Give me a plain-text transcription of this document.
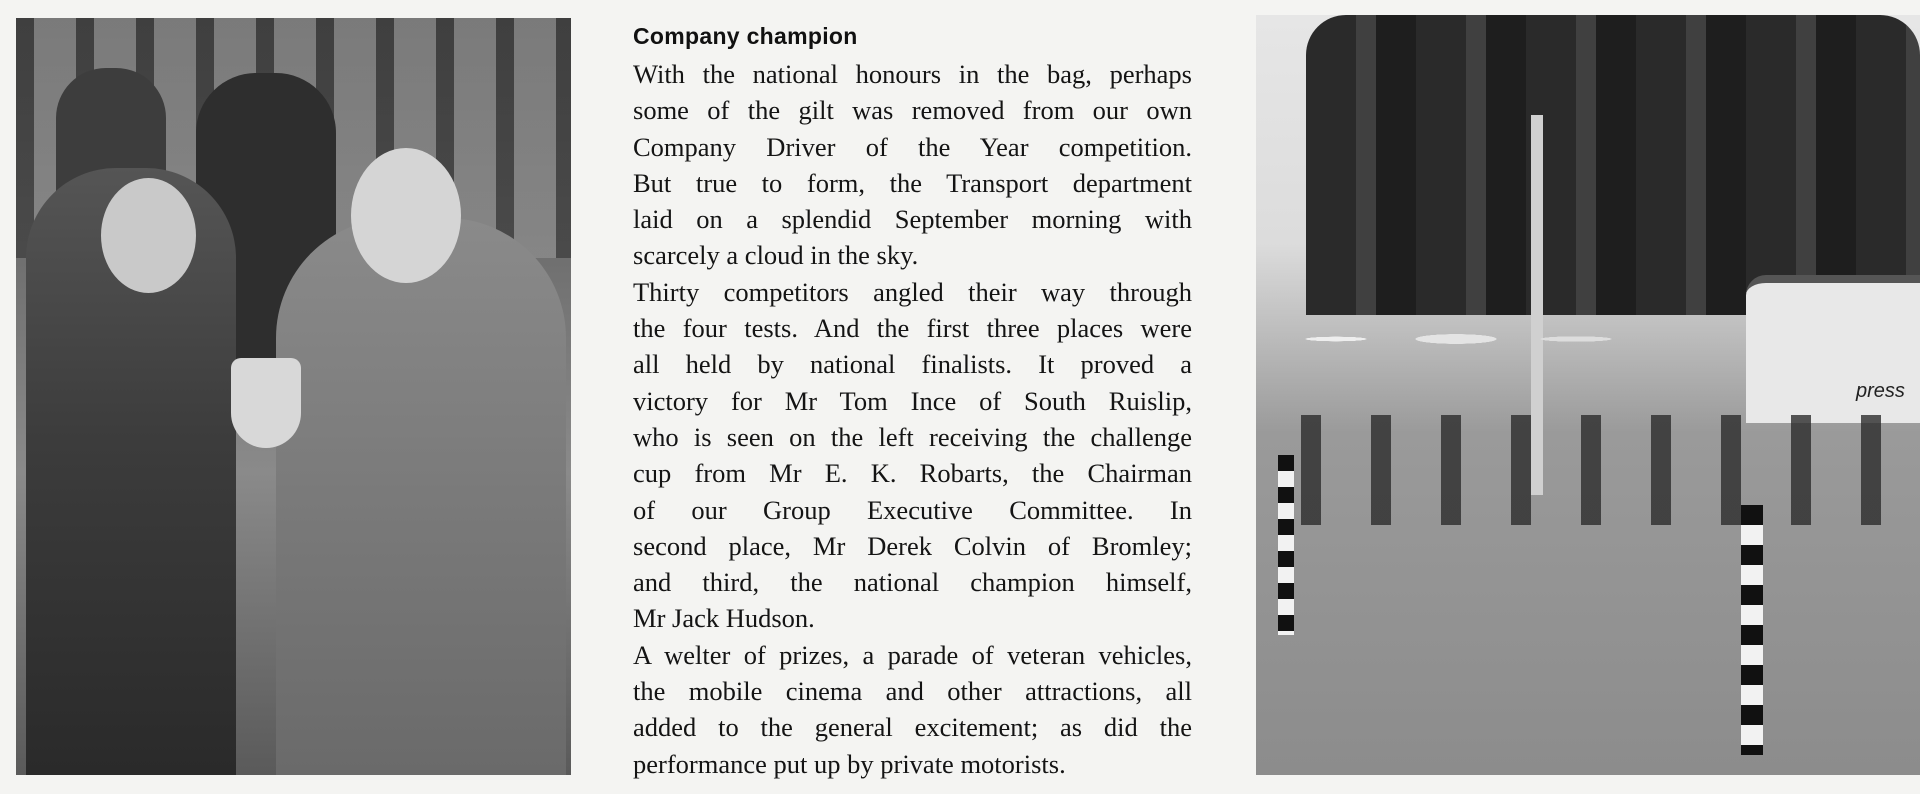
Company champion
With the national honours in the bag, perhaps
some of the gilt was removed from our own
Company Driver of the Year competition.
But true to form, the Transport department
laid on a splendid September morning with
scarcely a cloud in the sky.
Thirty competitors angled their way through
the four tests. And the first three places were
all held by national finalists. It proved a
victory for Mr Tom Ince of South Ruislip,
who is seen on the left receiving the challenge
cup from Mr E. K. Robarts, the Chairman
of our Group Executive Committee. In
second place, Mr Derek Colvin of Bromley;
and third, the national champion himself,
Mr Jack Hudson.
A welter of prizes, a parade of veteran vehicles,
the mobile cinema and other attractions, all
added to the general excitement; as did the
performance put up by private motorists.
press
